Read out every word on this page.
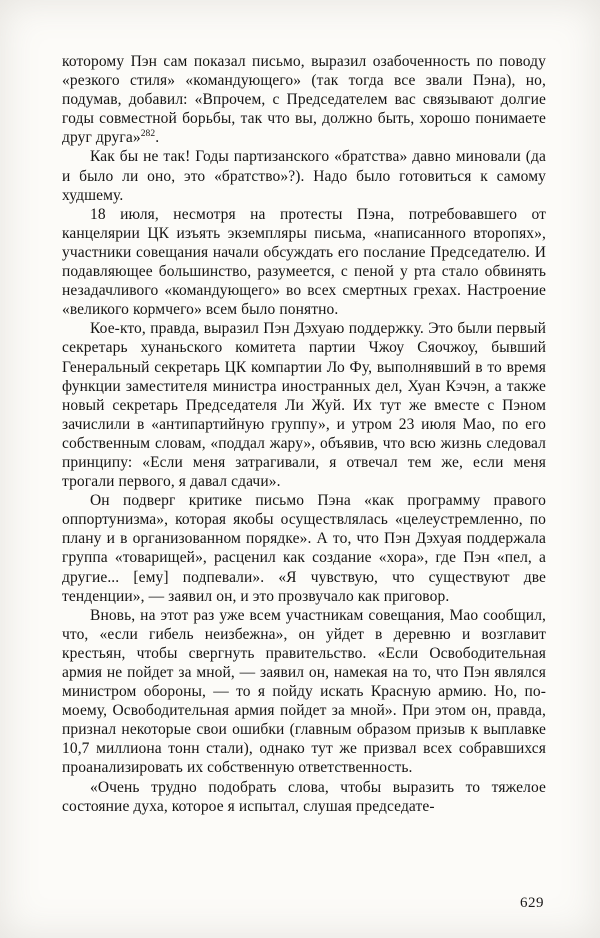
которому Пэн сам показал письмо, выразил озабоченность по поводу «резкого стиля» «командующего» (так тогда все звали Пэна), но, подумав, добавил: «Впрочем, с Председателем вас связывают долгие годы совместной борьбы, так что вы, должно быть, хорошо понимаете друг друга»$^{282}$.

Как бы не так! Годы партизанского «братства» давно миновали (да и было ли оно, это «братство»?). Надо было готовиться к самому худшему.

18 июля, несмотря на протесты Пэна, потребовавшего от канцелярии ЦК изъять экземпляры письма, «написанного второпях», участники совещания начали обсуждать его послание Председателю. И подавляющее большинство, разумеется, с пеной у рта стало обвинять незадачливого «командующего» во всех смертных грехах. Настроение «великого кормчего» всем было понятно.

Кое-кто, правда, выразил Пэн Дэхуаю поддержку. Это были первый секретарь хунаньского комитета партии Чжоу Сяочжоу, бывший Генеральный секретарь ЦК компартии Ло Фу, выполнявший в то время функции заместителя министра иностранных дел, Хуан Кэчэн, а также новый секретарь Председателя Ли Жуй. Их тут же вместе с Пэном зачислили в «антипартийную группу», и утром 23 июля Мао, по его собственным словам, «поддал жару», объявив, что всю жизнь следовал принципу: «Если меня затрагивали, я отвечал тем же, если меня трогали первого, я давал сдачи».

Он подверг критике письмо Пэна «как программу правого оппортунизма», которая якобы осуществлялась «целеустремленно, по плану и в организованном порядке». А то, что Пэн Дэхуая поддержала группа «товарищей», расценил как создание «хора», где Пэн «пел, а другие... [ему] подпевали». «Я чувствую, что существуют две тенденции», — заявил он, и это прозвучало как приговор.

Вновь, на этот раз уже всем участникам совещания, Мао сообщил, что, «если гибель неизбежна», он уйдет в деревню и возглавит крестьян, чтобы свергнуть правительство. «Если Освободительная армия не пойдет за мной, — заявил он, намекая на то, что Пэн являлся министром обороны, — то я пойду искать Красную армию. Но, по-моему, Освободительная армия пойдет за мной». При этом он, правда, признал некоторые свои ошибки (главным образом призыв к выплавке 10,7 миллиона тонн стали), однако тут же призвал всех собравшихся проанализировать их собственную ответственность.

«Очень трудно подобрать слова, чтобы выразить то тяжелое состояние духа, которое я испытал, слушая председате-

629
